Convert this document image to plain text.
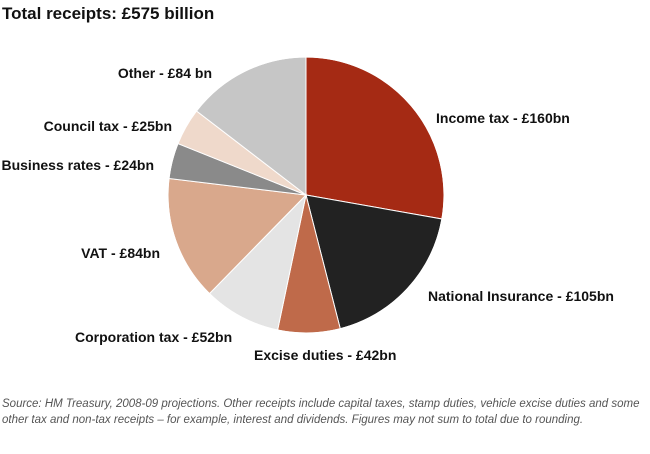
Total receipts: £575 billion
Income tax - £160bn
National Insurance - £105bn
Excise duties - £42bn
Corporation tax - £52bn
VAT - £84bn
Business rates - £24bn
Council tax - £25bn
Other - £84 bn
Source: HM Treasury, 2008-09 projections. Other receipts include capital taxes, stamp duties, vehicle excise duties and some other tax and non-tax receipts – for example, interest and dividends. Figures may not sum to total due to rounding.
